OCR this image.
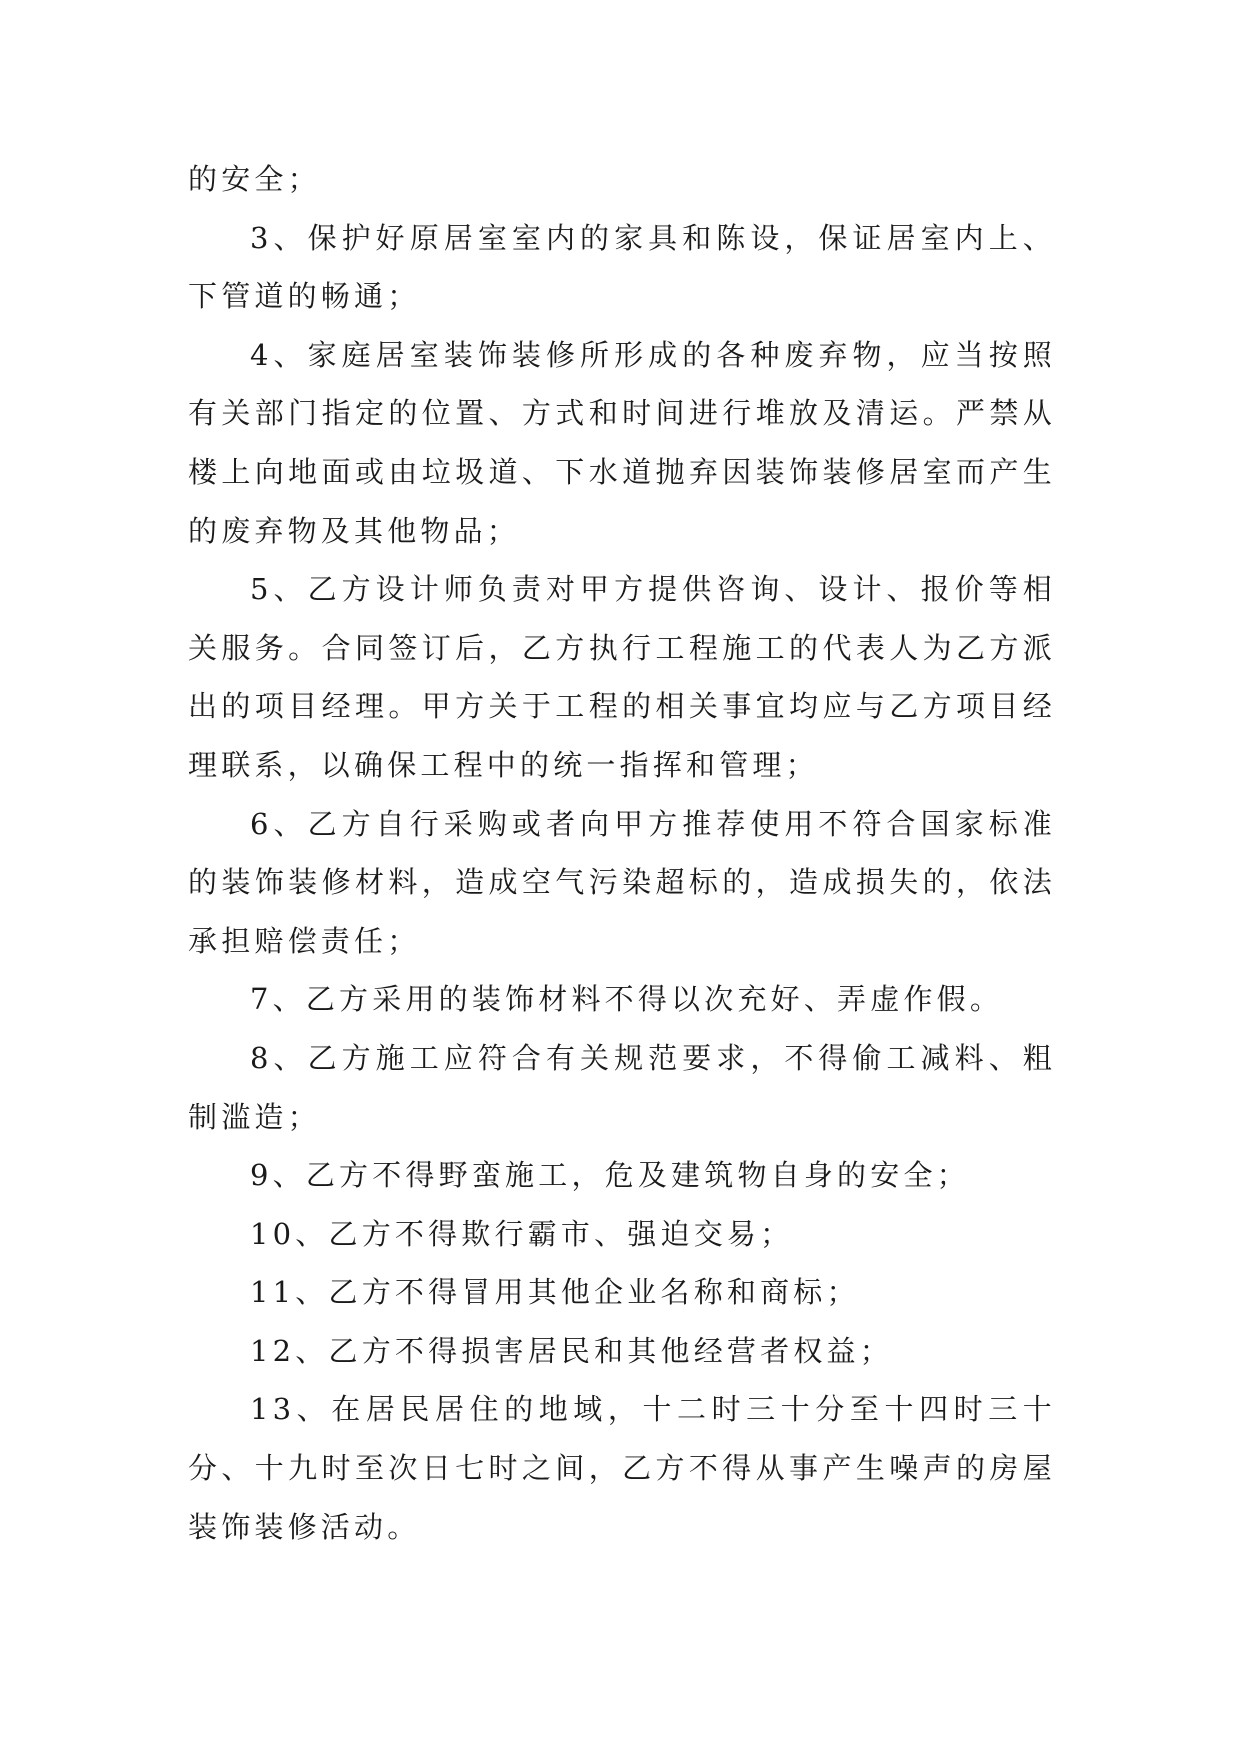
的安全；

3、保护好原居室室内的家具和陈设，保证居室内上、下管道的畅通；

4、家庭居室装饰装修所形成的各种废弃物，应当按照有关部门指定的位置、方式和时间进行堆放及清运。严禁从楼上向地面或由垃圾道、下水道抛弃因装饰装修居室而产生的废弃物及其他物品；

5、乙方设计师负责对甲方提供咨询、设计、报价等相关服务。合同签订后，乙方执行工程施工的代表人为乙方派出的项目经理。甲方关于工程的相关事宜均应与乙方项目经理联系，以确保工程中的统一指挥和管理；

6、乙方自行采购或者向甲方推荐使用不符合国家标准的装饰装修材料，造成空气污染超标的，造成损失的，依法承担赔偿责任；

7、乙方采用的装饰材料不得以次充好、弄虚作假。

8、乙方施工应符合有关规范要求，不得偷工减料、粗制滥造；

9、乙方不得野蛮施工，危及建筑物自身的安全；

10、乙方不得欺行霸市、强迫交易；

11、乙方不得冒用其他企业名称和商标；

12、乙方不得损害居民和其他经营者权益；

13、在居民居住的地域，十二时三十分至十四时三十分、十九时至次日七时之间，乙方不得从事产生噪声的房屋装饰装修活动。
